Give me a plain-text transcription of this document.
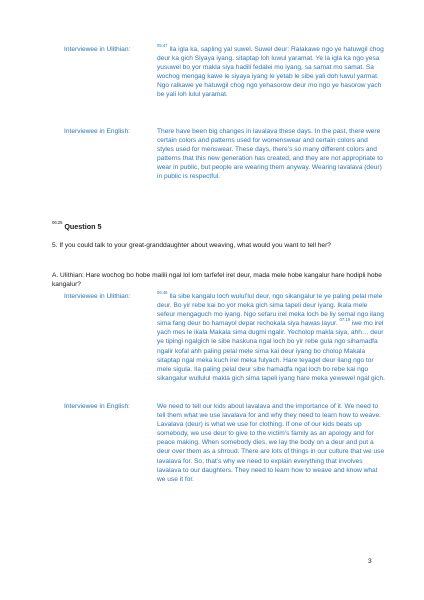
Interviewee in Ulithian:
$^{05:47}$ Ila igla ka, sapling yal suwel. Suwel deur: Ralakawe ngo ye hatuwgil chog deur ka gich Siyaya iyang. sitaptap loh luwul yaramat. Ye la igla ka ngo yesa yusuwel bo yor makla siya hadili fedalei mo iyang, sa samat mo samat. Sa wochog mengag kawe le siyaya iyang le yetab le sibe yali doh luwul yarmat. Ngo ralkawe ye hatuwgil chog ngo yehasorow deur mo ngo ye hasorow yach be yali loh lulul yaramat.
Interviewee in English:	There have been big changes in lavalava these days. In the past, there were certain colors and patterns used for womenswear and certain colors and styles used for menswear. These days, there’s so many different colors and patterns that this new generation has created, and they are not appropriate to wear in public, but people are wearing them anyway. Wearing lavalava (deur) in public is respectful.
$^{06:25}$ Question 5
5. If you could talk to your great-granddaughter about weaving, what would you want to tell her?
A. Ulithian: Hare wochog bo hobe malili ngal lol lom tarfefel irel deur, mada mele hobe kangalur hare hodipli hobe kangalur?
Interviewee in Ulithian:
$^{06:46}$ Ila sibe kangalu loch wulul’lul deur, ngo sikangalur le ye paling pelal mele deur. Bo yir rebe kai bo yor meka gich sima tapeli deur iyang. Ikala mele sefeur mengaguch mo iyang. Ngo sefaru irel meka loch be liy semal ngo ilang sima fang deur bo hamayol depar rechokala siya hawas layur. $^{07:19}$ iwe mo irel yach mes le ikala Makala sima dugmi ngalir. Yecholop makla siya, ahh… deur ye tipingi ngalgich le sibe haskuna ngal loch bo yir rebe gula ngo sihamadfa ngalir kofal ahh paling pelal mele sima kai deur iyang bo cholop Makala sitaptap ngal meka kuch irel meka fulyach. Hare teyagel deur ilang ngo tor mele sigula. Ila paling pelal deur sibe hamadfa ngal loch bo rebe kai ngo sikangalur wullulul makla gich sima tapeli iyang hare meka yewewel ngal gich.
Interviewee in English:	We need to tell our kids about lavalava and the importance of it. We need to tell them what we use lavalava for and why they need to learn how to weave. Lavalava (deur) is what we use for clothing. If one of our kids beats up somebody, we use deur to give to the victim’s family as an apology and for peace making. When somebody dies, we lay the body on a deur and put a deur over them as a shroud. There are lots of things in our culture that we use lavalava for. So, that’s why we need to explain everything that involves lavalava to our daughters. They need to learn how to weave and know what we use it for.
3
